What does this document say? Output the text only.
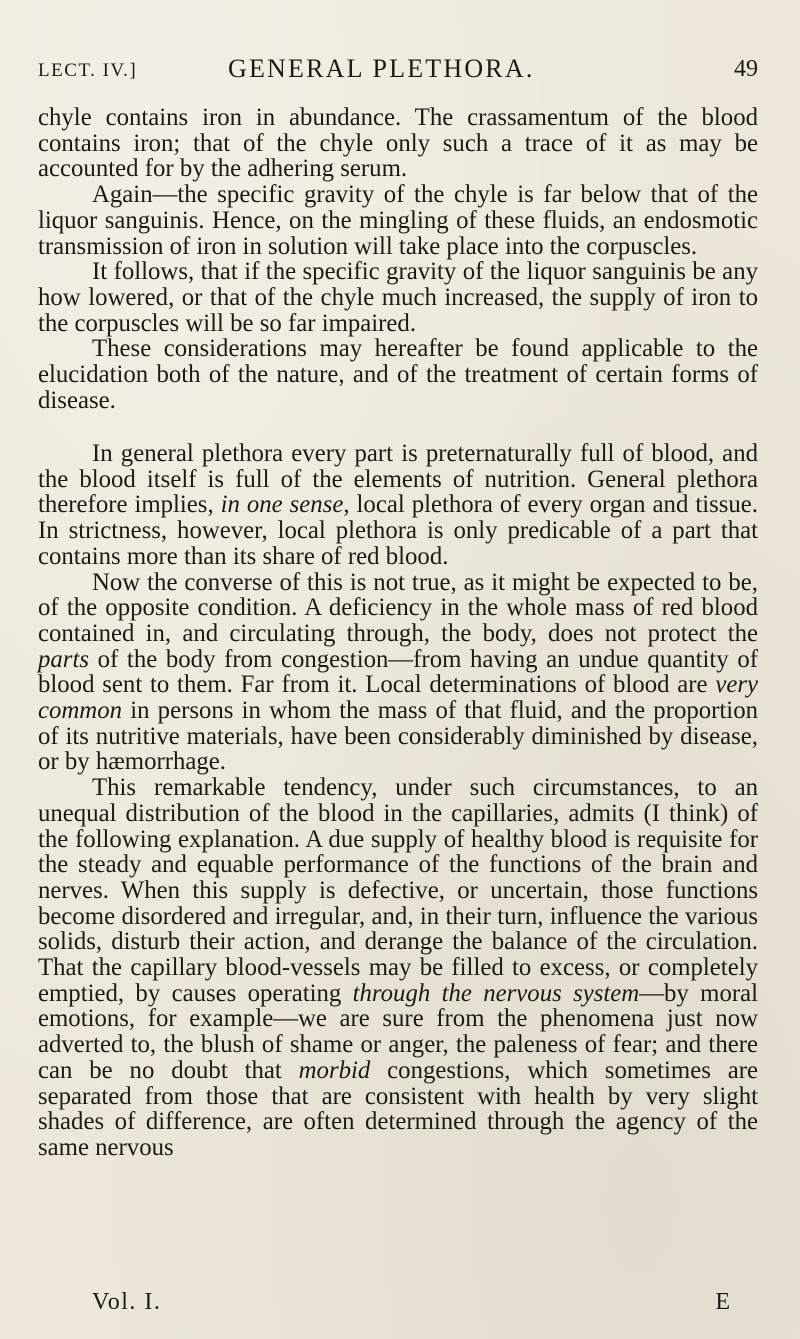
LECT. IV.]	GENERAL PLETHORA.	49

chyle contains iron in abundance. The crassamentum of the blood contains iron; that of the chyle only such a trace of it as may be accounted for by the adhering serum.

Again—the specific gravity of the chyle is far below that of the liquor sanguinis. Hence, on the mingling of these fluids, an endosmotic transmission of iron in solution will take place into the corpuscles.

It follows, that if the specific gravity of the liquor sanguinis be any how lowered, or that of the chyle much increased, the supply of iron to the corpuscles will be so far impaired.

These considerations may hereafter be found applicable to the elucidation both of the nature, and of the treatment of certain forms of disease.

In general plethora every part is preternaturally full of blood, and the blood itself is full of the elements of nutrition. General plethora therefore implies, in one sense, local plethora of every organ and tissue. In strictness, however, local plethora is only predicable of a part that contains more than its share of red blood.

Now the converse of this is not true, as it might be expected to be, of the opposite condition. A deficiency in the whole mass of red blood contained in, and circulating through, the body, does not protect the parts of the body from congestion—from having an undue quantity of blood sent to them. Far from it. Local determinations of blood are very common in persons in whom the mass of that fluid, and the proportion of its nutritive materials, have been considerably diminished by disease, or by hæmorrhage.

This remarkable tendency, under such circumstances, to an unequal distribution of the blood in the capillaries, admits (I think) of the following explanation. A due supply of healthy blood is requisite for the steady and equable performance of the functions of the brain and nerves. When this supply is defective, or uncertain, those functions become disordered and irregular, and, in their turn, influence the various solids, disturb their action, and derange the balance of the circulation. That the capillary blood-vessels may be filled to excess, or completely emptied, by causes operating through the nervous system—by moral emotions, for example—we are sure from the phenomena just now adverted to, the blush of shame or anger, the paleness of fear; and there can be no doubt that morbid congestions, which sometimes are separated from those that are consistent with health by very slight shades of difference, are often determined through the agency of the same nervous

Vol. I.	E
